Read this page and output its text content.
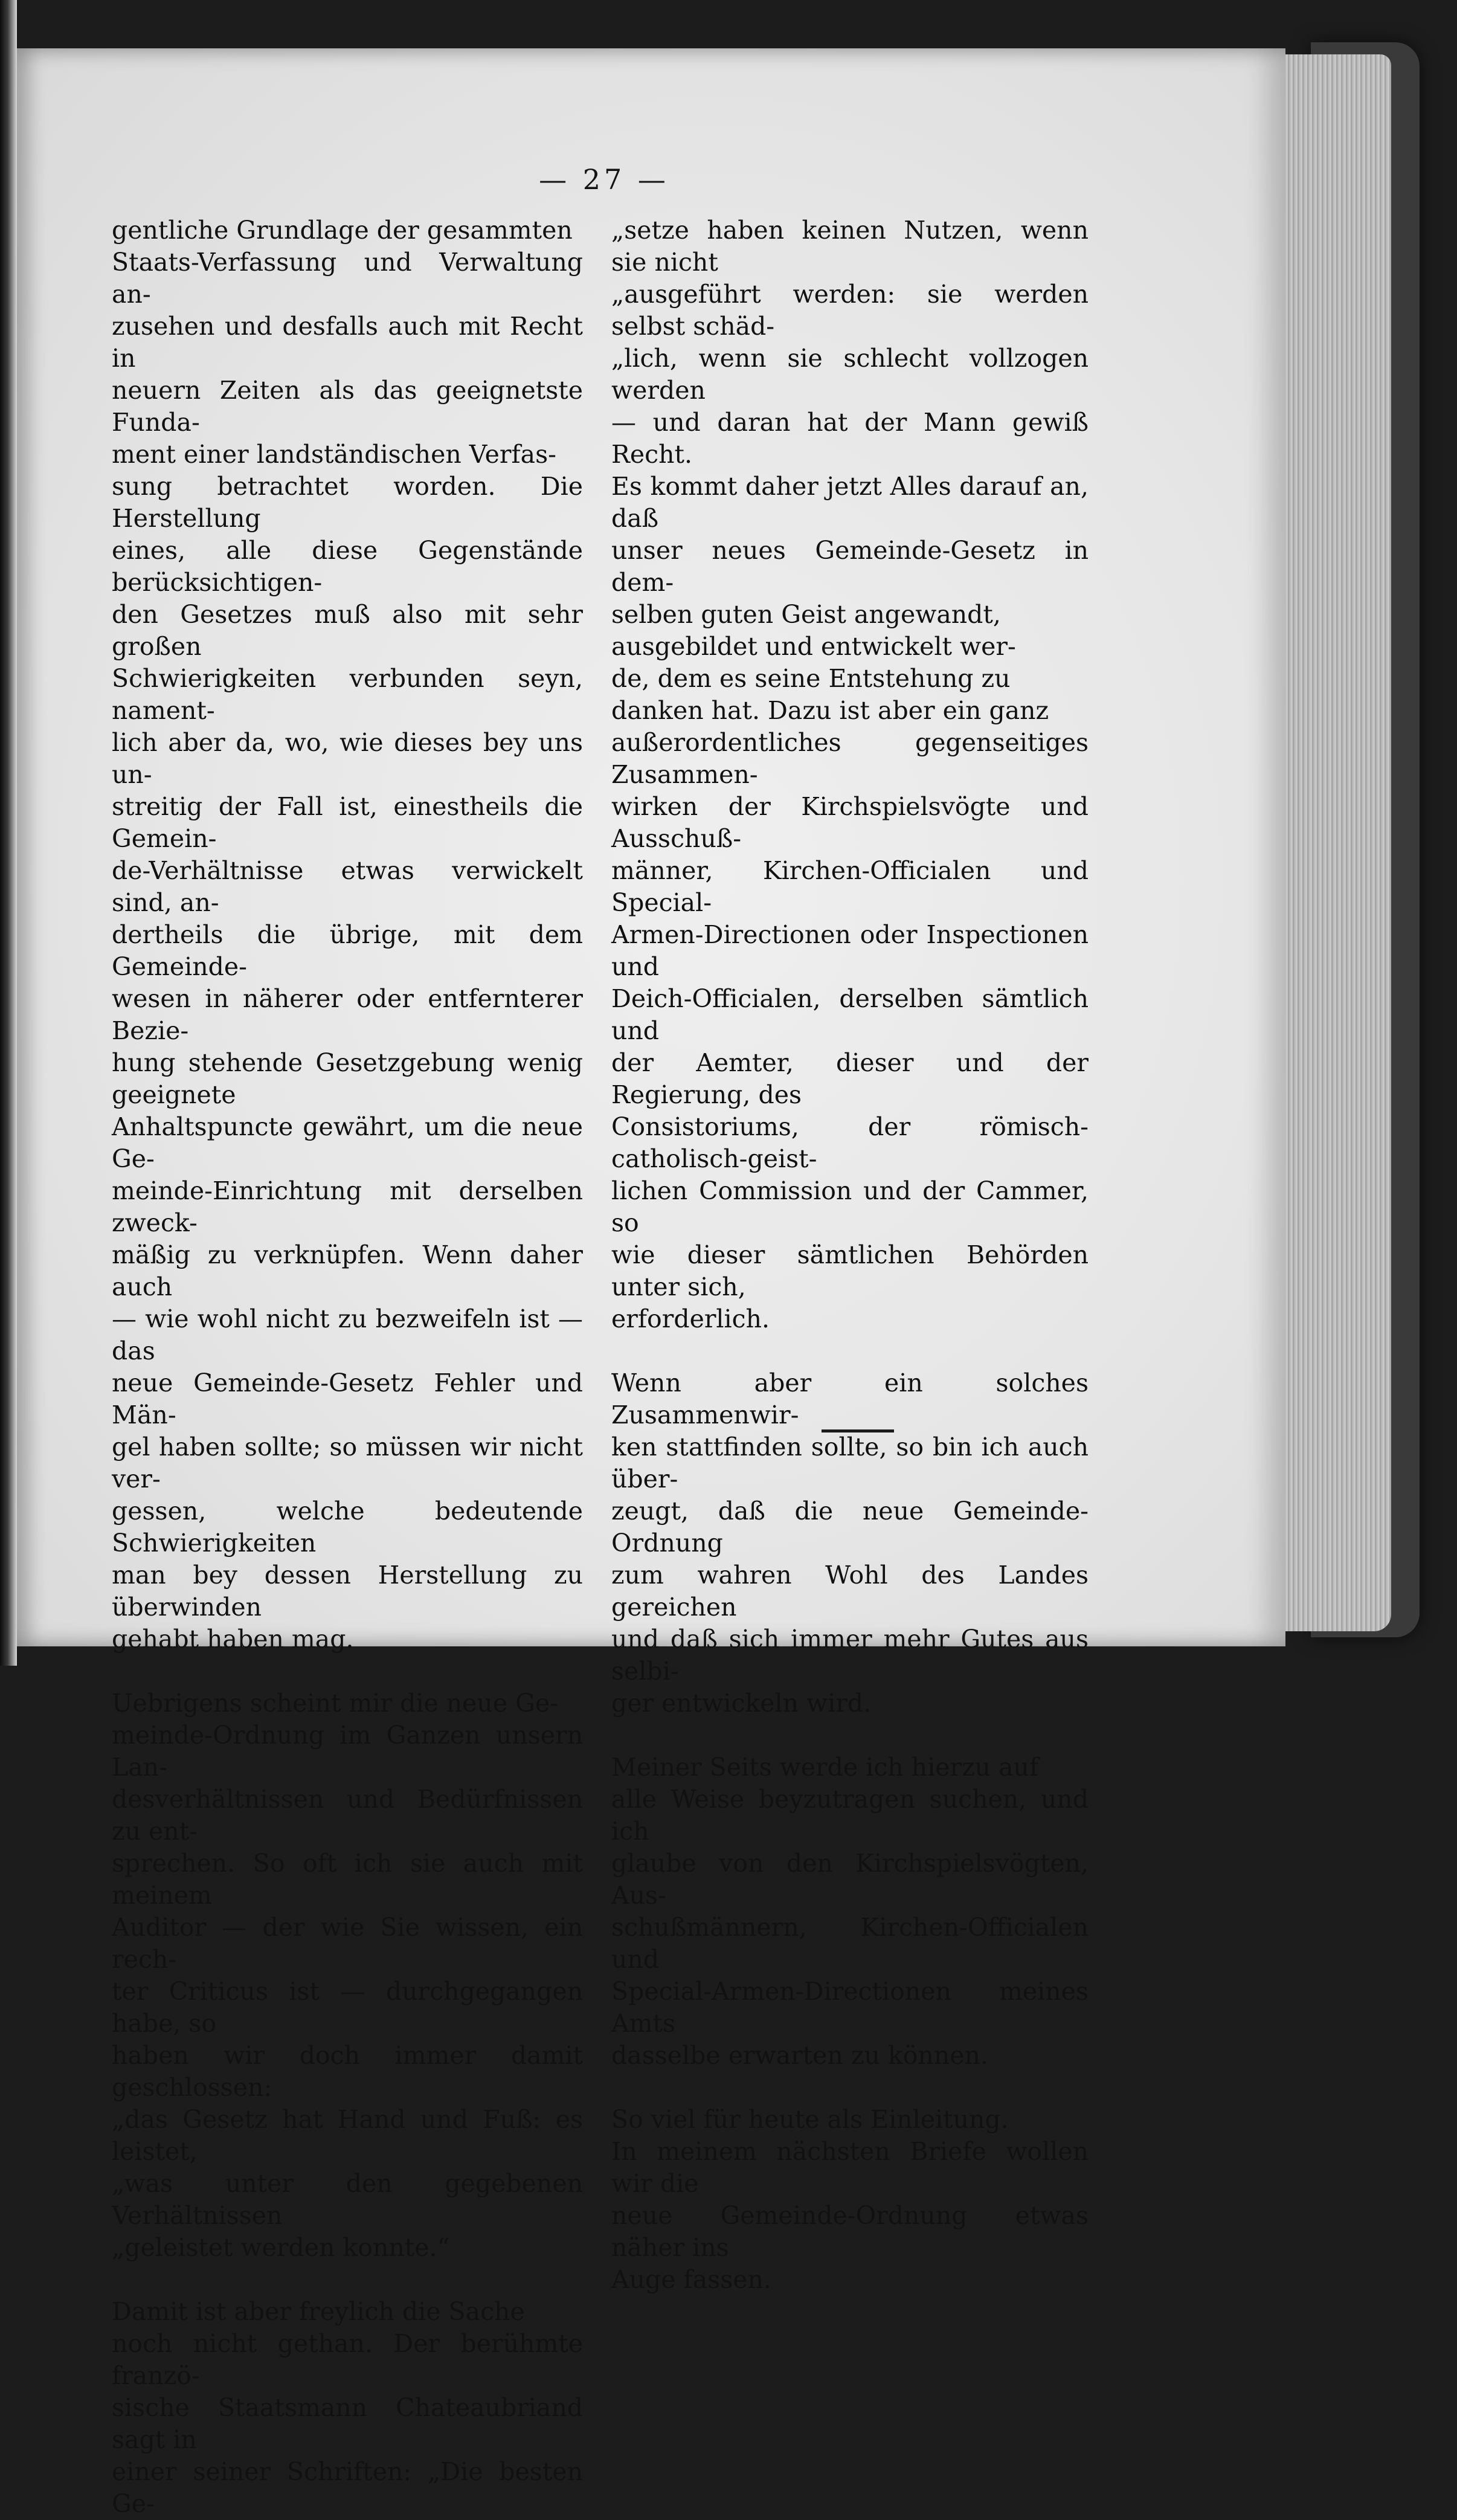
— 27 —

gentliche Grundlage der gesammten
Staats-Verfassung und Verwaltung an-
zusehen und desfalls auch mit Recht in
neuern Zeiten als das geeignetste Funda-
ment einer landständischen Verfas-
sung betrachtet worden. Die Herstellung
eines, alle diese Gegenstände berücksichtigen-
den Gesetzes muß also mit sehr großen
Schwierigkeiten verbunden seyn, nament-
lich aber da, wo, wie dieses bey uns un-
streitig der Fall ist, einestheils die Gemein-
de-Verhältnisse etwas verwickelt sind, an-
dertheils die übrige, mit dem Gemeinde-
wesen in näherer oder entfernterer Bezie-
hung stehende Gesetzgebung wenig geeignete
Anhaltspuncte gewährt, um die neue Ge-
meinde-Einrichtung mit derselben zweck-
mäßig zu verknüpfen. Wenn daher auch
— wie wohl nicht zu bezweifeln ist — das
neue Gemeinde-Gesetz Fehler und Män-
gel haben sollte; so müssen wir nicht ver-
gessen, welche bedeutende Schwierigkeiten
man bey dessen Herstellung zu überwinden
gehabt haben mag.

Uebrigens scheint mir die neue Ge-
meinde-Ordnung im Ganzen unsern Lan-
desverhältnissen und Bedürfnissen zu ent-
sprechen. So oft ich sie auch mit meinem
Auditor — der wie Sie wissen, ein rech-
ter Criticus ist — durchgegangen habe, so
haben wir doch immer damit geschlossen:
„das Gesetz hat Hand und Fuß: es leistet,
„was unter den gegebenen Verhältnissen
„geleistet werden konnte.“

Damit ist aber freylich die Sache
noch nicht gethan. Der berühmte franzö-
sische Staatsmann Chateaubriand sagt in
einer seiner Schriften: „Die besten Ge-

„setze haben keinen Nutzen, wenn sie nicht
„ausgeführt werden: sie werden selbst schäd-
„lich, wenn sie schlecht vollzogen werden
— und daran hat der Mann gewiß Recht.
Es kommt daher jetzt Alles darauf an, daß
unser neues Gemeinde-Gesetz in dem-
selben guten Geist angewandt,
ausgebildet und entwickelt wer-
de, dem es seine Entstehung zu
danken hat. Dazu ist aber ein ganz
außerordentliches gegenseitiges Zusammen-
wirken der Kirchspielsvögte und Ausschuß-
männer, Kirchen-Officialen und Special-
Armen-Directionen oder Inspectionen und
Deich-Officialen, derselben sämtlich und
der Aemter, dieser und der Regierung, des
Consistoriums, der römisch-catholisch-geist-
lichen Commission und der Cammer, so
wie dieser sämtlichen Behörden unter sich,
erforderlich.

Wenn aber ein solches Zusammenwir-
ken stattfinden sollte, so bin ich auch über-
zeugt, daß die neue Gemeinde-Ordnung
zum wahren Wohl des Landes gereichen
und daß sich immer mehr Gutes aus selbi-
ger entwickeln wird.

Meiner Seits werde ich hierzu auf
alle Weise beyzutragen suchen, und ich
glaube von den Kirchspielsvögten, Aus-
schußmännern, Kirchen-Officialen und
Special-Armen-Directionen meines Amts
dasselbe erwarten zu können.

So viel für heute als Einleitung.
In meinem nächsten Briefe wollen wir die
neue Gemeinde-Ordnung etwas näher ins
Auge fassen.
